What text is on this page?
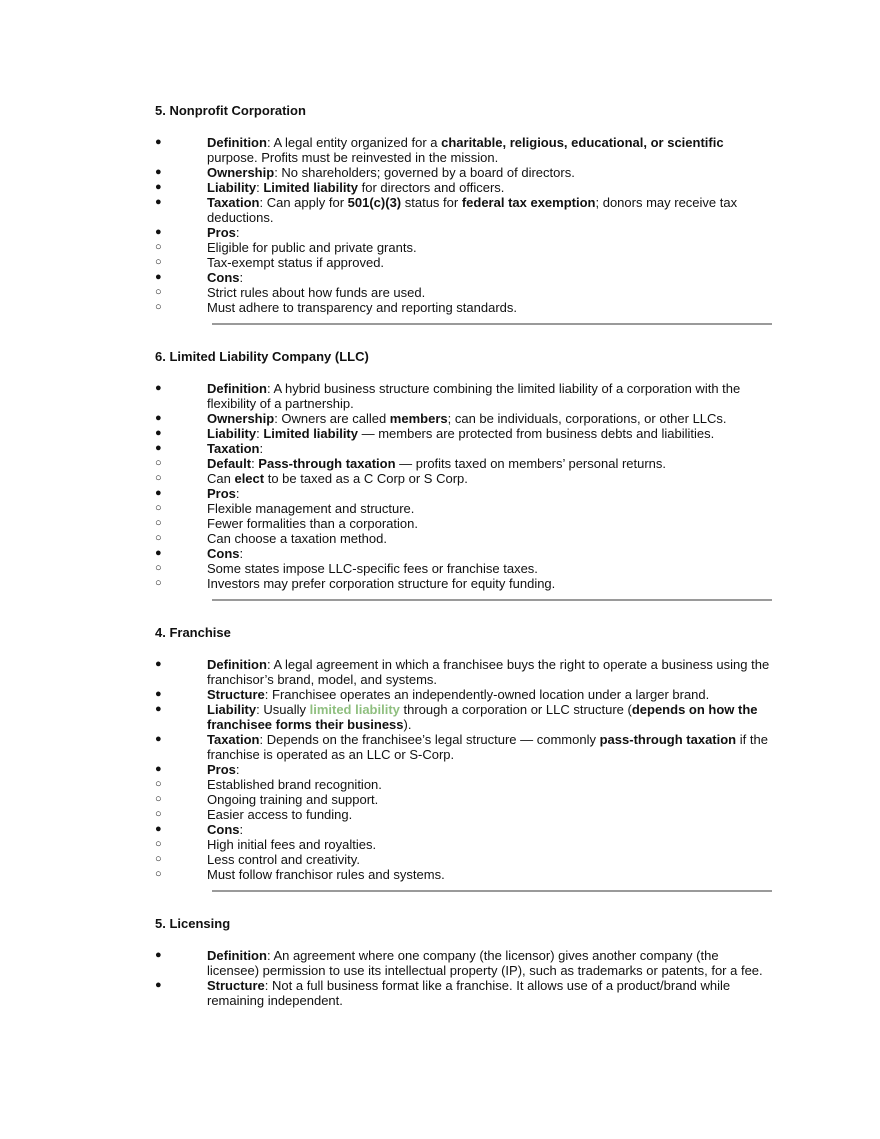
5. Nonprofit Corporation
●	Definition: A legal entity organized for a charitable, religious, educational, or scientific purpose. Profits must be reinvested in the mission.
●	Ownership: No shareholders; governed by a board of directors.
●	Liability: Limited liability for directors and officers.
●	Taxation: Can apply for 501(c)(3) status for federal tax exemption; donors may receive tax deductions.
●	Pros:
○	Eligible for public and private grants.
○	Tax-exempt status if approved.
●	Cons:
○	Strict rules about how funds are used.
○	Must adhere to transparency and reporting standards.
6. Limited Liability Company (LLC)
●	Definition: A hybrid business structure combining the limited liability of a corporation with the flexibility of a partnership.
●	Ownership: Owners are called members; can be individuals, corporations, or other LLCs.
●	Liability: Limited liability — members are protected from business debts and liabilities.
●	Taxation:
○	Default: Pass-through taxation — profits taxed on members’ personal returns.
○	Can elect to be taxed as a C Corp or S Corp.
●	Pros:
○	Flexible management and structure.
○	Fewer formalities than a corporation.
○	Can choose a taxation method.
●	Cons:
○	Some states impose LLC-specific fees or franchise taxes.
○	Investors may prefer corporation structure for equity funding.
4. Franchise
●	Definition: A legal agreement in which a franchisee buys the right to operate a business using the franchisor’s brand, model, and systems.
●	Structure: Franchisee operates an independently-owned location under a larger brand.
●	Liability: Usually limited liability through a corporation or LLC structure (depends on how the franchisee forms their business).
●	Taxation: Depends on the franchisee’s legal structure — commonly pass-through taxation if the franchise is operated as an LLC or S-Corp.
●	Pros:
○	Established brand recognition.
○	Ongoing training and support.
○	Easier access to funding.
●	Cons:
○	High initial fees and royalties.
○	Less control and creativity.
○	Must follow franchisor rules and systems.
5. Licensing
●	Definition: An agreement where one company (the licensor) gives another company (the licensee) permission to use its intellectual property (IP), such as trademarks or patents, for a fee.
●	Structure: Not a full business format like a franchise. It allows use of a product/brand while remaining independent.
